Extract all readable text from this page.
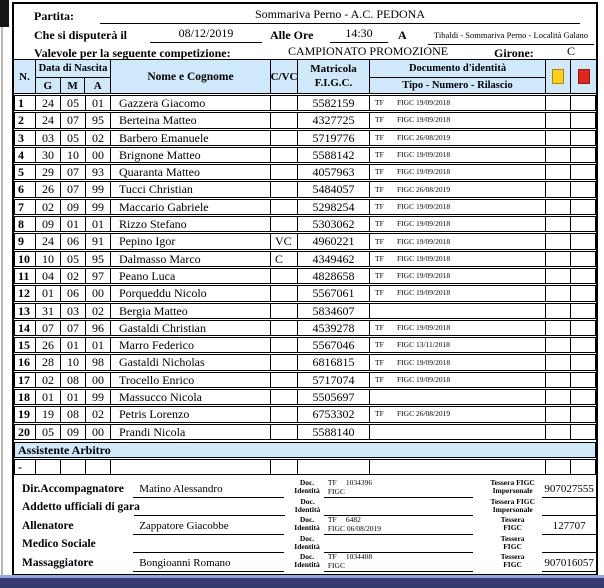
Partita:	Sommariva Perno - A.C. PEDONA
Che si disputerà il	08/12/2019	Alle Ore	14:30	A	Tibaldi - Sommariva Perno - Località Galano
Valevole per la seguente competizione:	CAMPIONATO PROMOZIONE	Girone:	C
N.
Data di Nascita
G	M	A
Nome e Cognome	C/VC
Matricola
F.I.G.C.
Documento d'identità
Tipo - Numero - Rilascio
1	24	05	01	Gazzera Giacomo	5582159	TF	FIGC 19/09/2018
2	24	07	95	Berteina Matteo	4327725	TF	FIGC 19/09/2018
3	03	05	02	Barbero Emanuele	5719776	TF	FIGC 26/08/2019
4	30	10	00	Brignone Matteo	5588142	TF	FIGC 19/09/2018
5	29	07	93	Quaranta Matteo	4057963	TF	FIGC 19/09/2018
6	26	07	99	Tucci Christian	5484057	TF	FIGC 26/08/2019
7	02	09	99	Maccario Gabriele	5298254	TF	FIGC 19/09/2018
8	09	01	01	Rizzo Stefano	5303062	TF	FIGC 19/09/2018
9	24	06	91	Pepino Igor	VC	4960221	TF	FIGC 19/09/2018
10	10	05	95	Dalmasso Marco	C	4349462	TF	FIGC 19/09/2018
11	04	02	97	Peano Luca	4828658	TF	FIGC 19/09/2018
12	01	06	00	Porqueddu Nicolo	5567061	TF	FIGC 19/09/2018
13	31	03	02	Bergia Matteo	5834607
14	07	07	96	Gastaldi Christian	4539278	TF	FIGC 19/09/2018
15	26	01	01	Marro Federico	5567046	TF	FIGC 13/11/2018
16	28	10	98	Gastaldi Nicholas	6816815	TF	FIGC 19/09/2018
17	02	08	00	Trocello Enrico	5717074	TF	FIGC 19/09/2018
18	01	01	99	Massucco Nicola	5505697
19	19	08	02	Petris Lorenzo	6753302	TF	FIGC 26/08/2019
20	05	09	00	Prandi Nicola	5588140
Assistente Arbitro
-
Dir.Accompagnatore	Matino Alessandro	Doc.
Identità
TF	1034396
FIGC
Tessera FIGC
Impersonale	907027555
Addetto ufficiali di gara	Doc.
Identità
Tessera FIGC
Impersonale
Allenatore	Zappatore Giacobbe	Doc.
Identità
TF	6482
FIGC 06/08/2019
Tessera
FIGC	127707
Medico Sociale	Doc.
Identità
Tessera
FIGC
Massaggiatore	Bongioanni Romano	Doc.
Identità
TF	1034408
FIGC
Tessera
FIGC	907016057
